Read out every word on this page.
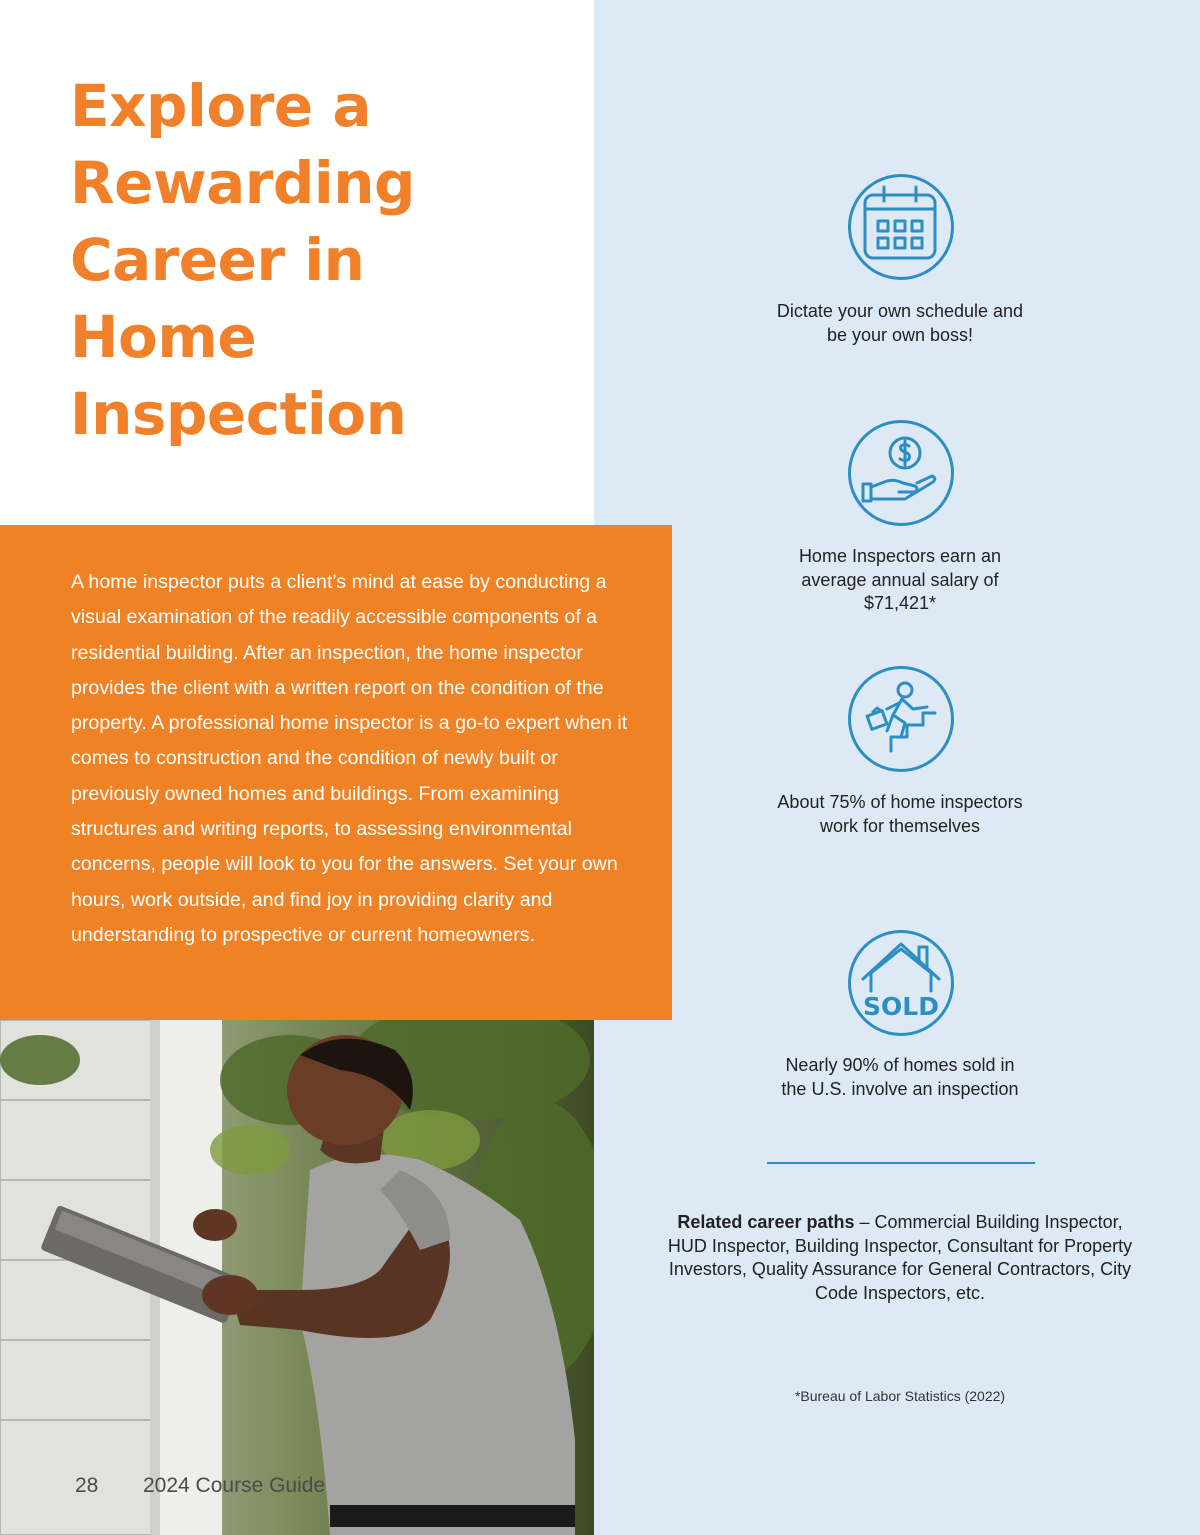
Explore a
Rewarding
Career in
Home
Inspection

A home inspector puts a client’s mind at ease by conducting a visual examination of the readily accessible components of a residential building. After an inspection, the home inspector provides the client with a written report on the condition of the property. A professional home inspector is a go-to expert when it comes to construction and the condition of newly built or previously owned homes and buildings. From examining structures and writing reports, to assessing environmental concerns, people will look to you for the answers. Set your own hours, work outside, and find joy in providing clarity and understanding to prospective or current homeowners.

28 2024 Course Guide
Dictate your own schedule and
be your own boss!
Home Inspectors earn an
average annual salary of
$71,421*
About 75% of home inspectors
work for themselves
SOLD
Nearly 90% of homes sold in
the U.S. involve an inspection

Related career paths – Commercial Building Inspector, HUD Inspector, Building Inspector, Consultant for Property Investors, Quality Assurance for General Contractors, City Code Inspectors, etc.

*Bureau of Labor Statistics (2022)
